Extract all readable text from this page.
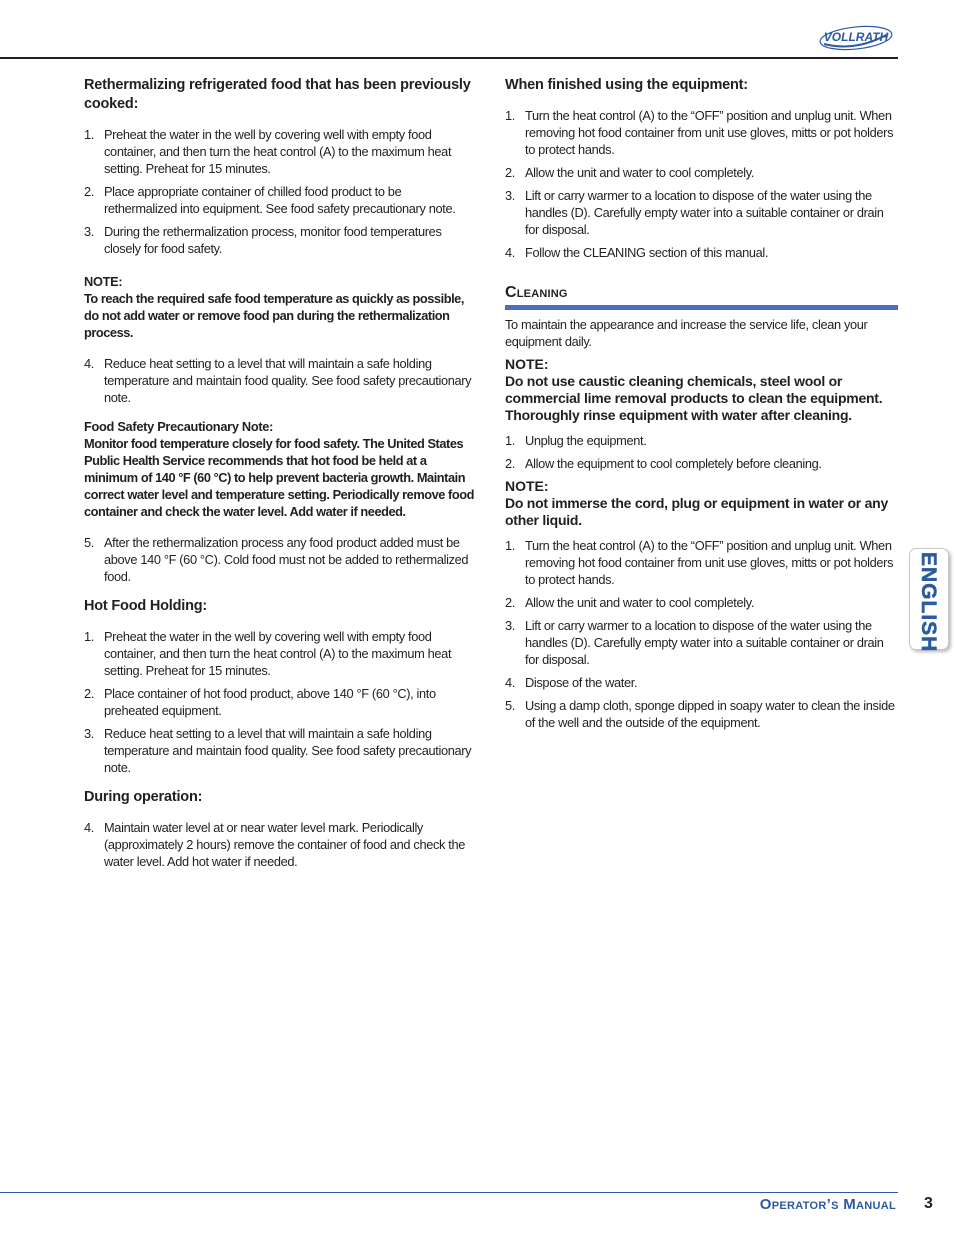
VOLLRATH
Rethermalizing refrigerated food that has been previously cooked:
1. Preheat the water in the well by covering well with empty food container, and then turn the heat control (A) to the maximum heat setting. Preheat for 15 minutes.
2. Place appropriate container of chilled food product to be rethermalized into equipment. See food safety precautionary note.
3. During the rethermalization process, monitor food temperatures closely for food safety.
NOTE:
To reach the required safe food temperature as quickly as possible, do not add water or remove food pan during the rethermalization process.
4. Reduce heat setting to a level that will maintain a safe holding temperature and maintain food quality. See food safety precautionary note.
Food Safety Precautionary Note:
Monitor food temperature closely for food safety. The United States Public Health Service recommends that hot food be held at a minimum of 140 °F (60 °C) to help prevent bacteria growth. Maintain correct water level and temperature setting. Periodically remove food container and check the water level. Add water if needed.
5. After the rethermalization process any food product added must be above 140 °F (60 °C). Cold food must not be added to rethermalized food.
Hot Food Holding:
1. Preheat the water in the well by covering well with empty food container, and then turn the heat control (A) to the maximum heat setting. Preheat for 15 minutes.
2. Place container of hot food product, above 140 °F (60 °C), into preheated equipment.
3. Reduce heat setting to a level that will maintain a safe holding temperature and maintain food quality. See food safety precautionary note.
During operation:
4. Maintain water level at or near water level mark. Periodically (approximately 2 hours) remove the container of food and check the water level. Add hot water if needed.
When finished using the equipment:
1. Turn the heat control (A) to the “OFF” position and unplug unit. When removing hot food container from unit use gloves, mitts or pot holders to protect hands.
2. Allow the unit and water to cool completely.
3. Lift or carry warmer to a location to dispose of the water using the handles (D). Carefully empty water into a suitable container or drain for disposal.
4. Follow the CLEANING section of this manual.
Cleaning
To maintain the appearance and increase the service life, clean your equipment daily.
NOTE:
Do not use caustic cleaning chemicals, steel wool or commercial lime removal products to clean the equipment. Thoroughly rinse equipment with water after cleaning.
1. Unplug the equipment.
2. Allow the equipment to cool completely before cleaning.
NOTE:
Do not immerse the cord, plug or equipment in water or any other liquid.
1. Turn the heat control (A) to the “OFF” position and unplug unit. When removing hot food container from unit use gloves, mitts or pot holders to protect hands.
2. Allow the unit and water to cool completely.
3. Lift or carry warmer to a location to dispose of the water using the handles (D). Carefully empty water into a suitable container or drain for disposal.
4. Dispose of the water.
5. Using a damp cloth, sponge dipped in soapy water to clean the inside of the well and the outside of the equipment.
ENGLISH
Operator’s Manual 3
